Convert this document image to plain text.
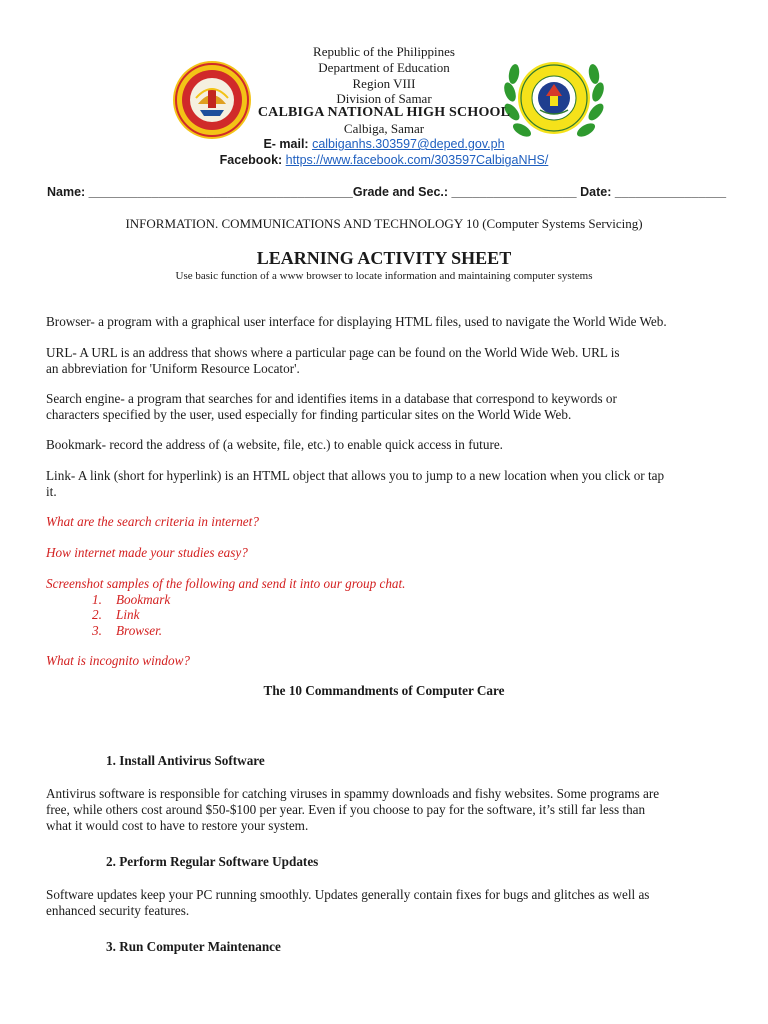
Republic of the Philippines
Department of Education
Region VIII
Division of Samar
CALBIGA NATIONAL HIGH SCHOOL
Calbiga, Samar
E- mail: calbiganhs.303597@deped.gov.ph
Facebook: https://www.facebook.com/303597CalbigaNHS/
Name: ______________________________________Grade and Sec.: __________________ Date: ________________
INFORMATION. COMMUNICATIONS AND TECHNOLOGY 10 (Computer Systems Servicing)
LEARNING ACTIVITY SHEET
Use basic function of a www browser to locate information and maintaining computer systems
Browser- a program with a graphical user interface for displaying HTML files, used to navigate the World Wide Web.
URL- A URL is an address that shows where a particular page can be found on the World Wide Web. URL is
an abbreviation for 'Uniform Resource Locator'.
Search engine- a program that searches for and identifies items in a database that correspond to keywords or
characters specified by the user, used especially for finding particular sites on the World Wide Web.
Bookmark- record the address of (a website, file, etc.) to enable quick access in future.
Link- A link (short for hyperlink) is an HTML object that allows you to jump to a new location when you click or tap
it.
What are the search criteria in internet?
How internet made your studies easy?
Screenshot samples of the following and send it into our group chat.
1. Bookmark
2. Link
3. Browser.
What is incognito window?
The 10 Commandments of Computer Care
1. Install Antivirus Software
Antivirus software is responsible for catching viruses in spammy downloads and fishy websites. Some programs are
free, while others cost around $50-$100 per year. Even if you choose to pay for the software, it’s still far less than
what it would cost to have to restore your system.
2. Perform Regular Software Updates
Software updates keep your PC running smoothly. Updates generally contain fixes for bugs and glitches as well as
enhanced security features.
3. Run Computer Maintenance
